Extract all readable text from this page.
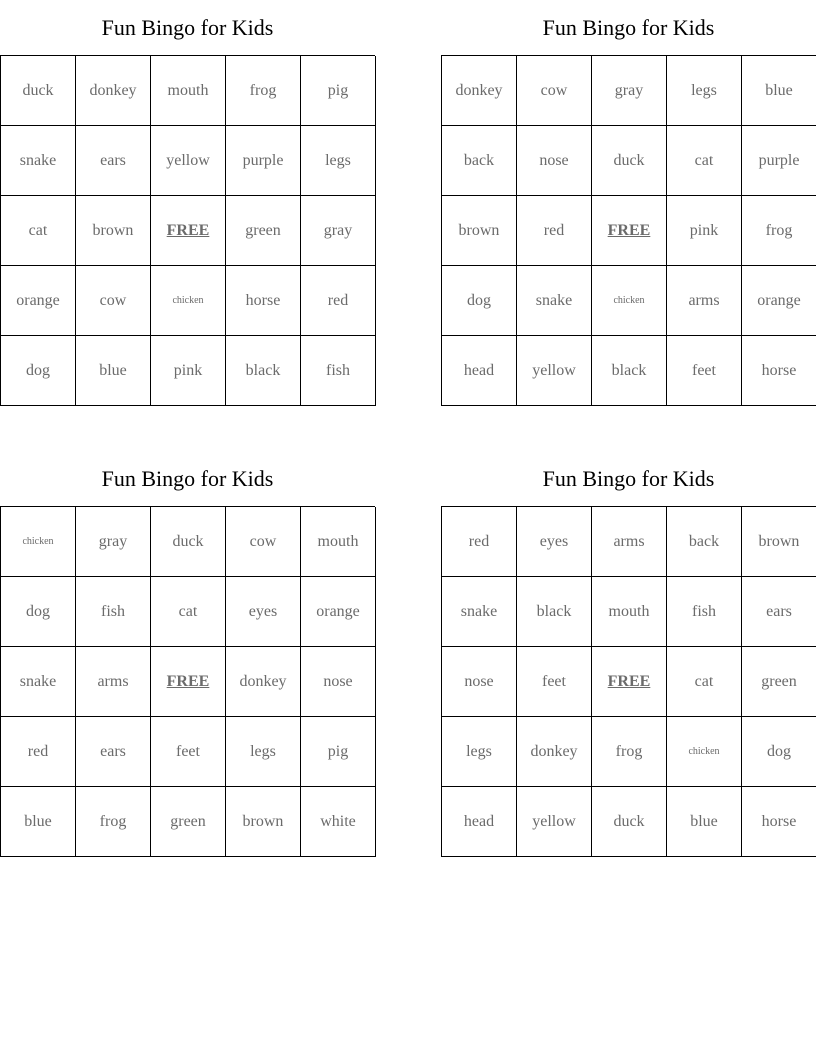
Fun Bingo for Kids
duck	donkey	mouth	frog	pig
snake	ears	yellow	purple	legs
cat	brown	FREE	green	gray
orange	cow	chicken	horse	red
dog	blue	pink	black	fish
Fun Bingo for Kids
donkey	cow	gray	legs	blue
back	nose	duck	cat	purple
brown	red	FREE	pink	frog
dog	snake	chicken	arms	orange
head	yellow	black	feet	horse
Fun Bingo for Kids
chicken	gray	duck	cow	mouth
dog	fish	cat	eyes	orange
snake	arms	FREE	donkey	nose
red	ears	feet	legs	pig
blue	frog	green	brown	white
Fun Bingo for Kids
red	eyes	arms	back	brown
snake	black	mouth	fish	ears
nose	feet	FREE	cat	green
legs	donkey	frog	chicken	dog
head	yellow	duck	blue	horse
